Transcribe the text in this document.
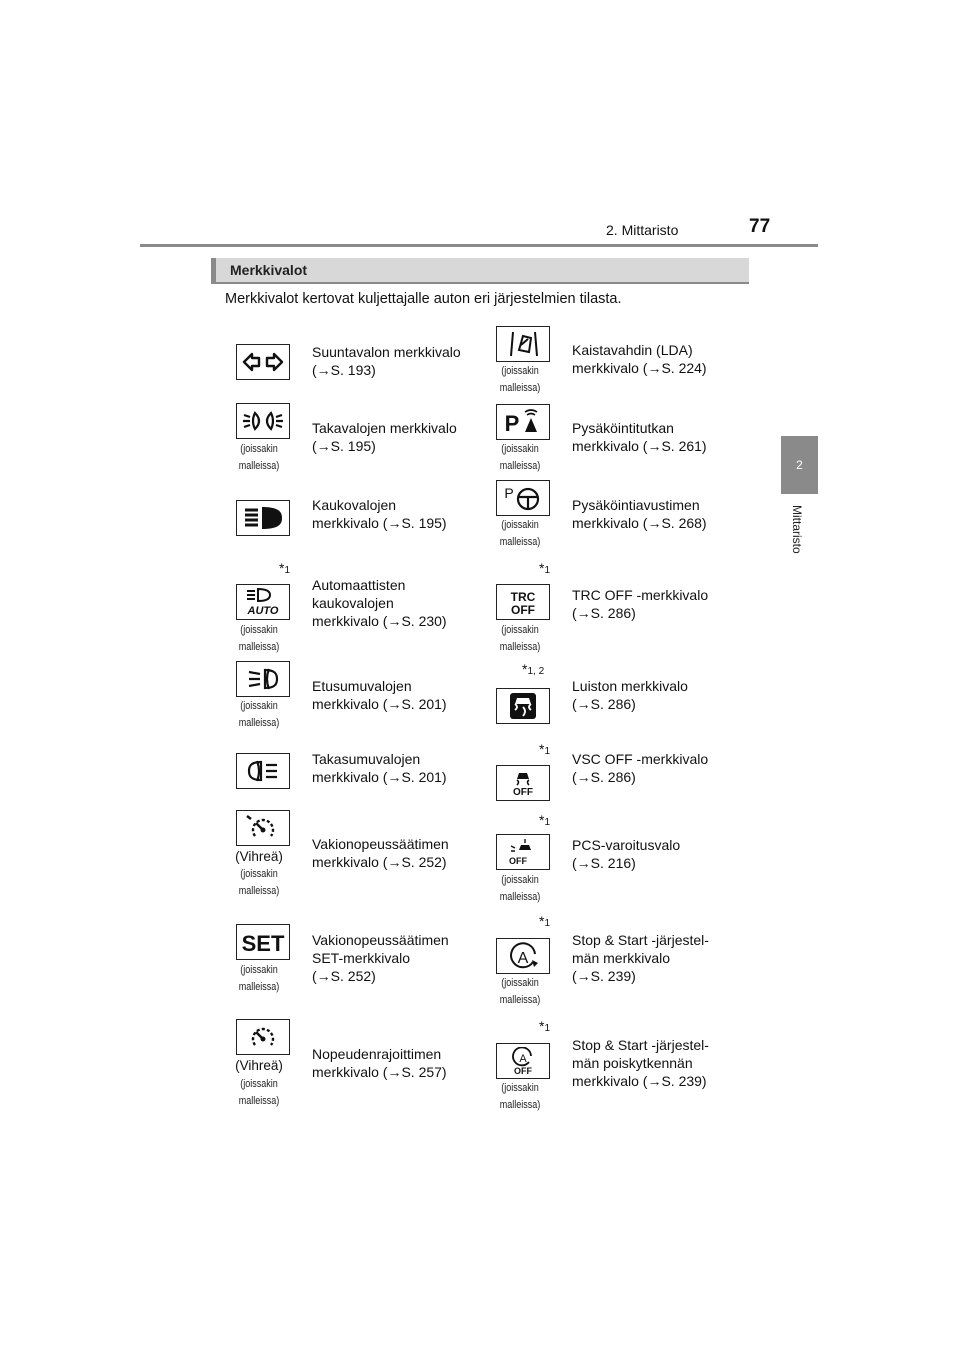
2. Mittaristo	77
2
Mittaristo
Merkkivalot
Merkkivalot kertovat kuljettajalle auton eri järjestelmien tilasta.
Suuntavalon merkkivalo
(→S. 193)
(joissakin
malleissa)
Takavalojen merkkivalo
(→S. 195)
Kaukovalojen
merkkivalo (→S. 195)
*1
AUTO
(joissakin
malleissa)
Automaattisten
kaukovalojen
merkkivalo (→S. 230)
(joissakin
malleissa)
Etusumuvalojen
merkkivalo (→S. 201)
Takasumuvalojen
merkkivalo (→S. 201)
(Vihreä)
(joissakin
malleissa)
Vakionopeussäätimen
merkkivalo (→S. 252)
SET
(joissakin
malleissa)
Vakionopeussäätimen
SET-merkkivalo
(→S. 252)
(Vihreä)
(joissakin
malleissa)
Nopeudenrajoittimen
merkkivalo (→S. 257)
(joissakin
malleissa)
Kaistavahdin (LDA)
merkkivalo (→S. 224)
P
(joissakin
malleissa)
Pysäköintitutkan
merkkivalo (→S. 261)
P
(joissakin
malleissa)
Pysäköintiavustimen
merkkivalo (→S. 268)
*1
TRC
OFF
(joissakin
malleissa)
TRC OFF -merkkivalo
(→S. 286)
*1, 2
Luiston merkkivalo
(→S. 286)
*1
OFF
VSC OFF -merkkivalo
(→S. 286)
*1
OFF
(joissakin
malleissa)
PCS-varoitusvalo
(→S. 216)
*1
A
(joissakin
malleissa)
Stop & Start -järjestel-
män merkkivalo
(→S. 239)
*1
A
OFF
(joissakin
malleissa)
Stop & Start -järjestel-
män poiskytkennän
merkkivalo (→S. 239)
